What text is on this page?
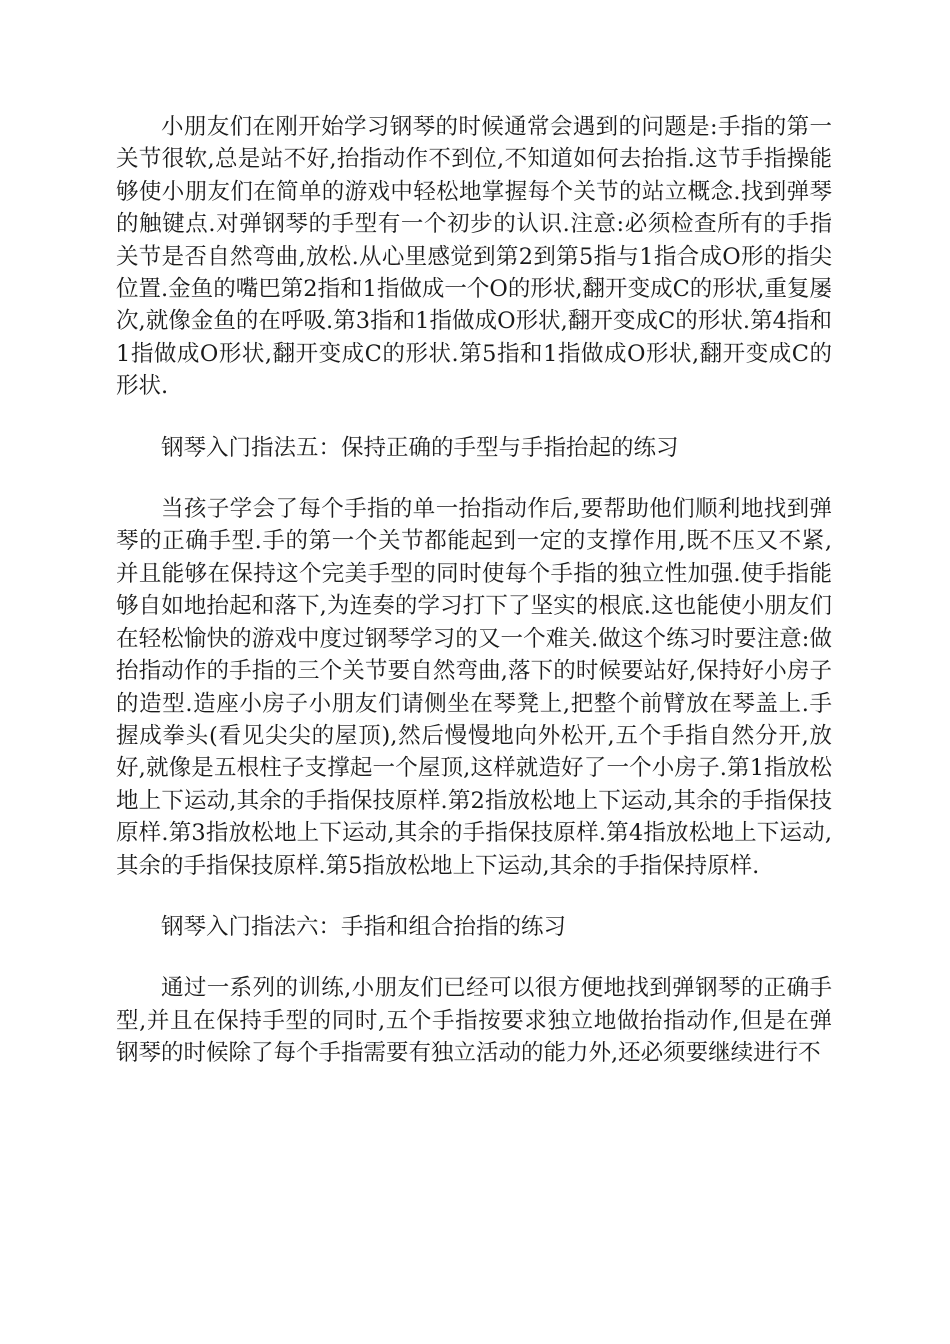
小朋友们在刚开始学习钢琴的时候通常会遇到的问题是:手指的第一关节很软,总是站不好,抬指动作不到位,不知道如何去抬指.这节手指操能够使小朋友们在简单的游戏中轻松地掌握每个关节的站立概念.找到弹琴的触键点.对弹钢琴的手型有一个初步的认识.注意:必须检查所有的手指关节是否自然弯曲,放松.从心里感觉到第2到第5指与1指合成O形的指尖位置.金鱼的嘴巴第2指和1指做成一个O的形状,翻开变成C的形状,重复屡次,就像金鱼的在呼吸.第3指和1指做成O形状,翻开变成C的形状.第4指和1指做成O形状,翻开变成C的形状.第5指和1指做成O形状,翻开变成C的形状.

钢琴入门指法五：保持正确的手型与手指抬起的练习

当孩子学会了每个手指的单一抬指动作后,要帮助他们顺利地找到弹琴的正确手型.手的第一个关节都能起到一定的支撑作用,既不压又不紧,并且能够在保持这个完美手型的同时使每个手指的独立性加强.使手指能够自如地抬起和落下,为连奏的学习打下了坚实的根底.这也能使小朋友们在轻松愉快的游戏中度过钢琴学习的又一个难关.做这个练习时要注意:做抬指动作的手指的三个关节要自然弯曲,落下的时候要站好,保持好小房子的造型.造座小房子小朋友们请侧坐在琴凳上,把整个前臂放在琴盖上.手握成拳头(看见尖尖的屋顶),然后慢慢地向外松开,五个手指自然分开,放好,就像是五根柱子支撑起一个屋顶,这样就造好了一个小房子.第1指放松地上下运动,其余的手指保技原样.第2指放松地上下运动,其余的手指保技原样.第3指放松地上下运动,其余的手指保技原样.第4指放松地上下运动,其余的手指保技原样.第5指放松地上下运动,其余的手指保持原样.

钢琴入门指法六：手指和组合抬指的练习

通过一系列的训练,小朋友们已经可以很方便地找到弹钢琴的正确手型,并且在保持手型的同时,五个手指按要求独立地做抬指动作,但是在弹钢琴的时候除了每个手指需要有独立活动的能力外,还必须要继续进行不
